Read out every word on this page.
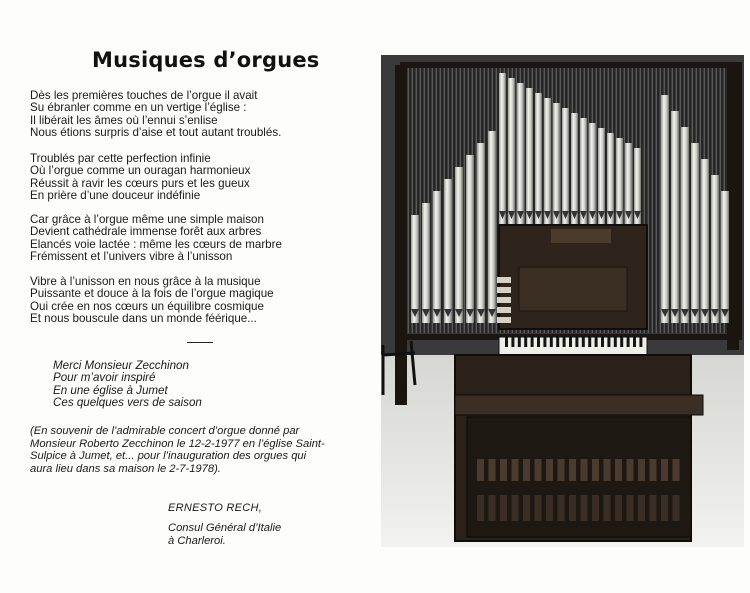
Musiques d’orgues
Dès les premières touches de l’orgue il avait
Su ébranler comme en un vertige l’église :
Il libérait les âmes où l’ennui s’enlise
Nous étions surpris d’aise et tout autant troublés.
Troublés par cette perfection infinie
Où l’orgue comme un ouragan harmonieux
Réussit à ravir les cœurs purs et les gueux
En prière d’une douceur indéfinie
Car grâce à l’orgue même une simple maison
Devient cathédrale immense forêt aux arbres
Elancés voie lactée : même les cœurs de marbre
Frémissent et l’univers vibre à l’unisson
Vibre à l’unisson en nous grâce à la musique
Puissante et douce à la fois de l’orgue magique
Oui crée en nos cœurs un équilibre cosmique
Et nous bouscule dans un monde féérique...
Merci Monsieur Zecchinon
Pour m’avoir inspiré
En une église à Jumet
Ces quelques vers de saison
(En souvenir de l’admirable concert d’orgue donné par
Monsieur Roberto Zecchinon le 12-2-1977 en l’église Saint-
Sulpice à Jumet, et... pour l’inauguration des orgues qui
aura lieu dans sa maison le 2-7-1978).
ERNESTO RECH,
Consul Général d’Italie
à Charleroi.
